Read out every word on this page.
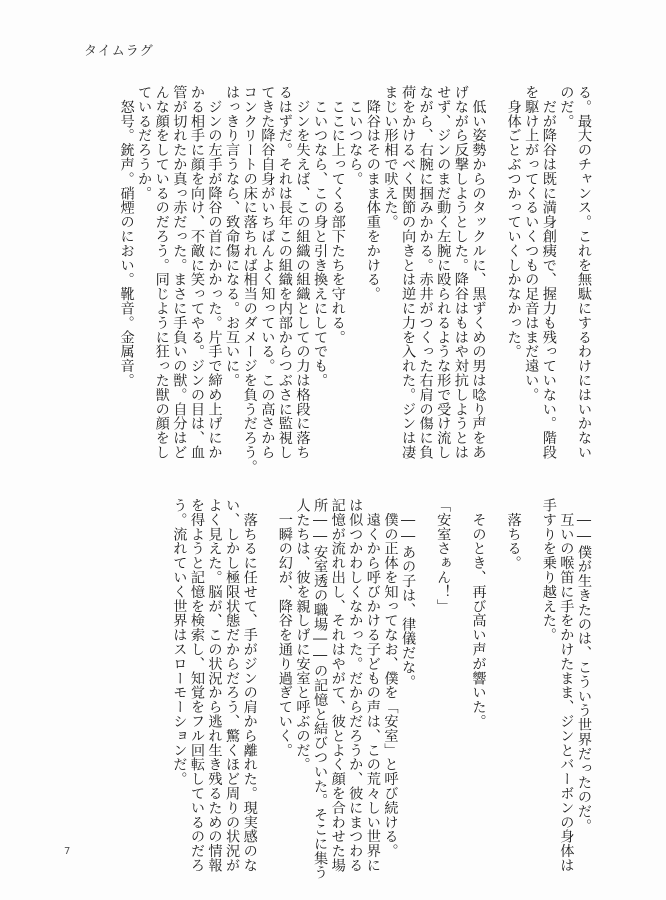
タイムラグ
る。最大のチャンス。これを無駄にするわけにはいかない
のだ。
　だが降谷は既に満身創痍で、握力も残っていない。階段
を駆け上がってくるいくつもの足音はまだ遠い。
　身体ごとぶつかっていくしかなかった。
　低い姿勢からのタックルに、黒ずくめの男は唸り声をあ
げながら反撃しようとした。降谷はもはや対抗しようとは
せず、ジンのまだ動く左腕に殴られるような形で受け流し
ながら、右腕に掴みかかる。赤井がつくった右肩の傷に負
荷をかけるべく関節の向きとは逆に力を入れた。ジンは凄
まじい形相で吠えた。
　降谷はそのまま体重をかける。
　こいつなら。
　ここに上ってくる部下たちを守れる。
　こいつなら、この身と引き換えにしてでも。
　ジンを失えば、この組織の組織としての力は格段に落ち
るはずだ。それは長年この組織を内部からつぶさに監視し
てきた降谷自身がいちばんよく知っている。この高さから
コンクリートの床に落ちれば相当のダメージを負うだろう。
はっきり言うなら、致命傷になる。お互いに。
　ジンの左手が降谷の首にかかった。片手で締め上げにか
かる相手に顔を向け、不敵に笑ってやる。ジンの目は、血
管が切れたか真っ赤だった。まさに手負いの獣。自分はど
んな顔をしているのだろう。同じように狂った獣の顔をし
ているだろうか。
　怒号。銃声。硝煙のにおい。靴音。金属音。
　――僕が生きたのは、こういう世界だったのだ。
　互いの喉笛に手をかけたまま、ジンとバーボンの身体は
手すりを乗り越えた。
　落ちる。
　そのとき、再び高い声が響いた。
「安室さぁん！」
　――あの子は、律儀だな。
　僕の正体を知ってなお、僕を「安室」と呼び続ける。
　遠くから呼びかける子どもの声は、この荒々しい世界に
は似つかわしくなかった。だからだろうか、彼にまつわる
記憶が流れ出し、それはやがて、彼とよく顔を合わせた場
所――安室透の職場――の記憶と結びついた。そこに集う
人たちは、彼を親しげに安室と呼ぶのだ。
　一瞬の幻が、降谷を通り過ぎていく。
　落ちるに任せて、手がジンの肩から離れた。現実感のな
い、しかし極限状態だからだろう、驚くほど周りの状況が
よく見えた。脳が、この状況から逃れ生き残るための情報
を得ようと記憶を検索し、知覚をフル回転しているのだろ
う。流れていく世界はスローモーションだ。
7
